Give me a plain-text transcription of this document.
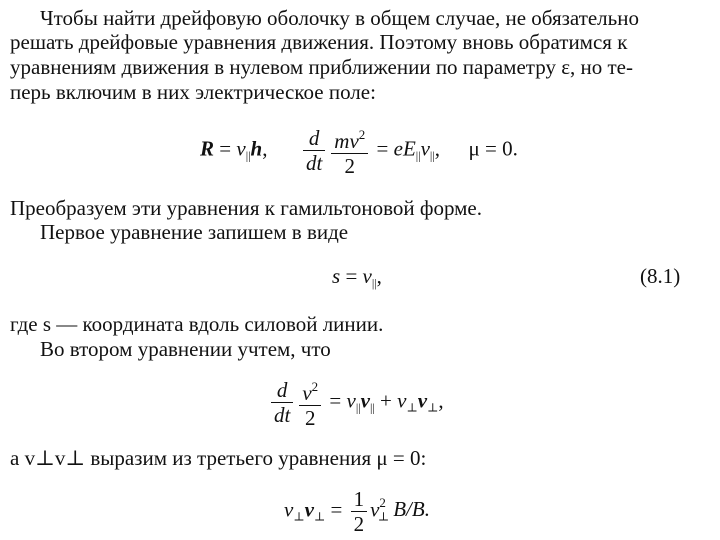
Чтобы найти дрейфовую оболочку в общем случае, не обязательно
решать дрейфовые уравнения движения. Поэтому вновь обратимся к
уравнениям движения в нулевом приближении по параметру ε, но те-
перь включим в них электрическое поле:
$R = v_{||}h$, $\frac{d}{dt} \frac{mv^2}{2} = eE_{||}v_{||}$, μ = 0.
Преобразуем эти уравнения к гамильтоновой форме.
Первое уравнение запишем в виде
$s = v_{||}$,	(8.1)
где s — координата вдоль силовой линии.
Во втором уравнении учтем, что
$\frac{d}{dt} \frac{v^2}{2} = v_{||}v_{||} + v_\perp v_\perp$,
а v⊥v⊥ выразим из третьего уравнения μ = 0:
$v_\perp v_\perp = \frac{1}{2} v^2_\perp$ B/B.
